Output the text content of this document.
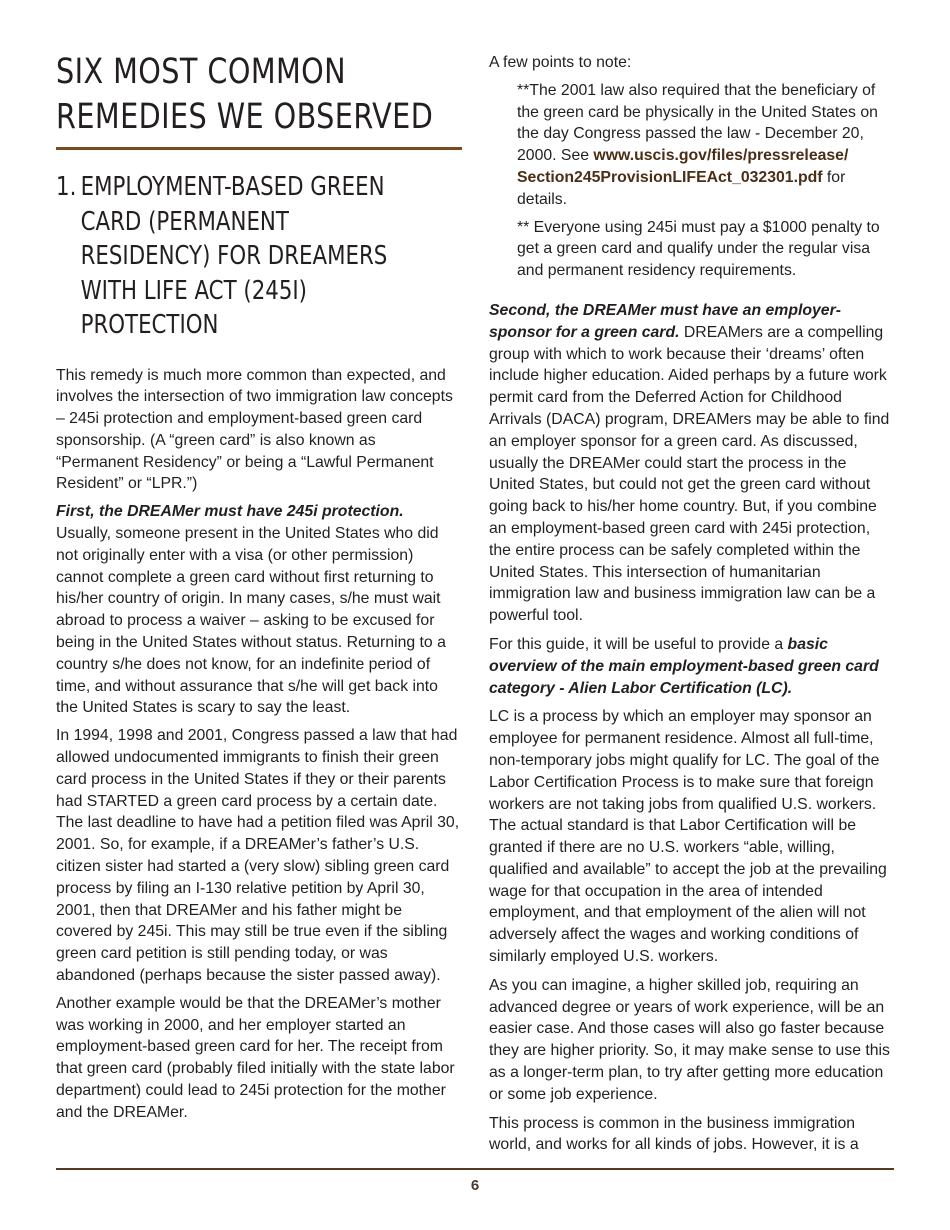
SIX MOST COMMON REMEDIES WE OBSERVED
1. EMPLOYMENT-BASED GREEN CARD (PERMANENT RESIDENCY) FOR DREAMERS WITH LIFE ACT (245I) PROTECTION

This remedy is much more common than expected, and involves the intersection of two immigration law concepts – 245i protection and employment-based green card sponsorship. (A “green card” is also known as “Permanent Residency” or being a “Lawful Permanent Resident” or “LPR.”)

First, the DREAMer must have 245i protection. Usually, someone present in the United States who did not originally enter with a visa (or other permission) cannot complete a green card without first returning to his/her country of origin. In many cases, s/he must wait abroad to process a waiver – asking to be excused for being in the United States without status. Returning to a country s/he does not know, for an indefinite period of time, and without assurance that s/he will get back into the United States is scary to say the least.

In 1994, 1998 and 2001, Congress passed a law that had allowed undocumented immigrants to finish their green card process in the United States if they or their parents had STARTED a green card process by a certain date. The last deadline to have had a petition filed was April 30, 2001. So, for example, if a DREAMer’s father’s U.S. citizen sister had started a (very slow) sibling green card process by filing an I-130 relative petition by April 30, 2001, then that DREAMer and his father might be covered by 245i. This may still be true even if the sibling green card petition is still pending today, or was abandoned (perhaps because the sister passed away).

Another example would be that the DREAMer’s mother was working in 2000, and her employer started an employment-based green card for her. The receipt from that green card (probably filed initially with the state labor department) could lead to 245i protection for the mother and the DREAMer.

A few points to note:

**The 2001 law also required that the beneficiary of the green card be physically in the United States on the day Congress passed the law - December 20, 2000. See www.uscis.gov/files/pressrelease/ Section245ProvisionLIFEAct_032301.pdf for details.

** Everyone using 245i must pay a $1000 penalty to get a green card and qualify under the regular visa and permanent residency requirements.

Second, the DREAMer must have an employer-sponsor for a green card. DREAMers are a compelling group with which to work because their ‘dreams’ often include higher education. Aided perhaps by a future work permit card from the Deferred Action for Childhood Arrivals (DACA) program, DREAMers may be able to find an employer sponsor for a green card. As discussed, usually the DREAMer could start the process in the United States, but could not get the green card without going back to his/her home country. But, if you combine an employment-based green card with 245i protection, the entire process can be safely completed within the United States. This intersection of humanitarian immigration law and business immigration law can be a powerful tool.

For this guide, it will be useful to provide a basic overview of the main employment-based green card category - Alien Labor Certification (LC).

LC is a process by which an employer may sponsor an employee for permanent residence. Almost all full-time, non-temporary jobs might qualify for LC. The goal of the Labor Certification Process is to make sure that foreign workers are not taking jobs from qualified U.S. workers. The actual standard is that Labor Certification will be granted if there are no U.S. workers “able, willing, qualified and available” to accept the job at the prevailing wage for that occupation in the area of intended employment, and that employment of the alien will not adversely affect the wages and working conditions of similarly employed U.S. workers.

As you can imagine, a higher skilled job, requiring an advanced degree or years of work experience, will be an easier case. And those cases will also go faster because they are higher priority. So, it may make sense to use this as a longer-term plan, to try after getting more education or some job experience.

This process is common in the business immigration world, and works for all kinds of jobs. However, it is a

6
